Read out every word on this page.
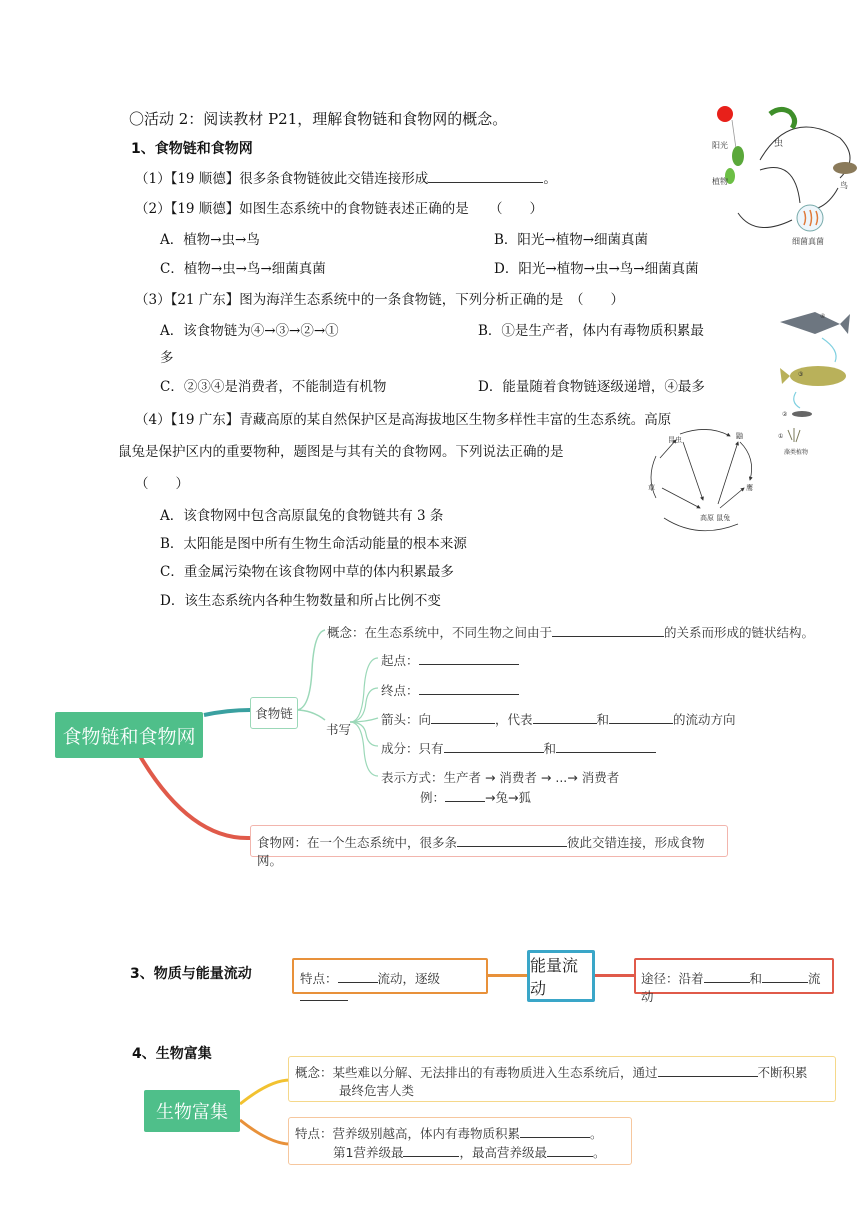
〇活动 2：阅读教材 P21，理解食物链和食物网的概念。
1、食物链和食物网
（1）【19 顺德】很多条食物链彼此交错连接形成	。
（2）【19 顺德】如图生态系统中的食物链表述正确的是　　（　　）
A．植物→虫→鸟	B．阳光→植物→细菌真菌
C．植物→虫→鸟→细菌真菌	D．阳光→植物→虫→鸟→细菌真菌
（3）【21 广东】图为海洋生态系统中的一条食物链，下列分析正确的是　（　　）
A．该食物链为④→③→②→①	B．①是生产者，体内有毒物质积累最
多
C．②③④是消费者，不能制造有机物	D．能量随着食物链逐级递增，④最多
（4）【19 广东】青藏高原的某自然保护区是高海拔地区生物多样性丰富的生态系统。高原
鼠兔是保护区内的重要物种，题图是与其有关的食物网。下列说法正确的是
（　　）
A．该食物网中包含高原鼠兔的食物链共有 3 条
B．太阳能是图中所有生物生命活动能量的根本来源
C．重金属污染物在该食物网中草的体内积累最多
D．该生态系统内各种生物数量和所占比例不变
阳光	虫
植物	鸟
细菌真菌
④
③
②
①
藻类植物
昆虫
草
高原 鼠兔
鼬
鹰
食物链和食物网
食物链
概念：在生态系统中，不同生物之间由于	的关系而形成的链状结构。
书写
起点：
终点：
箭头：向	，代表	和	的流动方向
成分：只有	和
表示方式：生产者 → 消费者 → ...→ 消费者
例：	→兔→狐
食物网：在一个生态系统中，很多条	彼此交错连接，形成食物网。
3、物质与能量流动	特点：	流动，逐级
能量流动
途径：沿着	和	流动
4、生物富集
生物富集
概念：某些难以分解、无法排出的有毒物质进入生态系统后，通过	不断积累
最终危害人类
特点：营养级别越高，体内有毒物质积累	。
第1营养级最	，最高营养级最	。
